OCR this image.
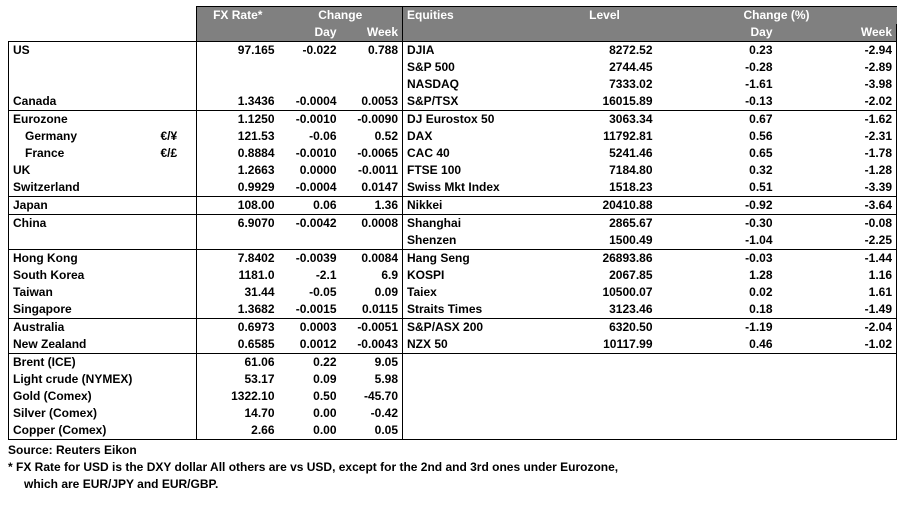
		FX Rate*	Change		Equities	Level	Change (%)	
			Day	Week			Day	Week
US		97.165	-0.022	0.788	DJIA	8272.52	0.23	-2.94
					S&P 500	2744.45	-0.28	-2.89
					NASDAQ	7333.02	-1.61	-3.98
Canada		1.3436	-0.0004	0.0053	S&P/TSX	16015.89	-0.13	-2.02
Eurozone		1.1250	-0.0010	-0.0090	DJ Eurostox 50	3063.34	0.67	-1.62
Germany	€/¥	121.53	-0.06	0.52	DAX	11792.81	0.56	-2.31
France	€/£	0.8884	-0.0010	-0.0065	CAC 40	5241.46	0.65	-1.78
UK		1.2663	0.0000	-0.0011	FTSE 100	7184.80	0.32	-1.28
Switzerland		0.9929	-0.0004	0.0147	Swiss Mkt Index	1518.23	0.51	-3.39
Japan		108.00	0.06	1.36	Nikkei	20410.88	-0.92	-3.64
China		6.9070	-0.0042	0.0008	Shanghai	2865.67	-0.30	-0.08
					Shenzen	1500.49	-1.04	-2.25
Hong Kong		7.8402	-0.0039	0.0084	Hang Seng	26893.86	-0.03	-1.44
South Korea		1181.0	-2.1	6.9	KOSPI	2067.85	1.28	1.16
Taiwan		31.44	-0.05	0.09	Taiex	10500.07	0.02	1.61
Singapore		1.3682	-0.0015	0.0115	Straits Times	3123.46	0.18	-1.49
Australia		0.6973	0.0003	-0.0051	S&P/ASX 200	6320.50	-1.19	-2.04
New Zealand		0.6585	0.0012	-0.0043	NZX 50	10117.99	0.46	-1.02
Brent (ICE)		61.06	0.22	9.05				
Light crude (NYMEX)		53.17	0.09	5.98				
Gold (Comex)		1322.10	0.50	-45.70				
Silver (Comex)		14.70	0.00	-0.42				
Copper (Comex)		2.66	0.00	0.05				
Source: Reuters Eikon
* FX Rate for USD is the DXY dollar All others are vs USD, except for the 2nd and 3rd ones under Eurozone,
which are EUR/JPY and EUR/GBP.
